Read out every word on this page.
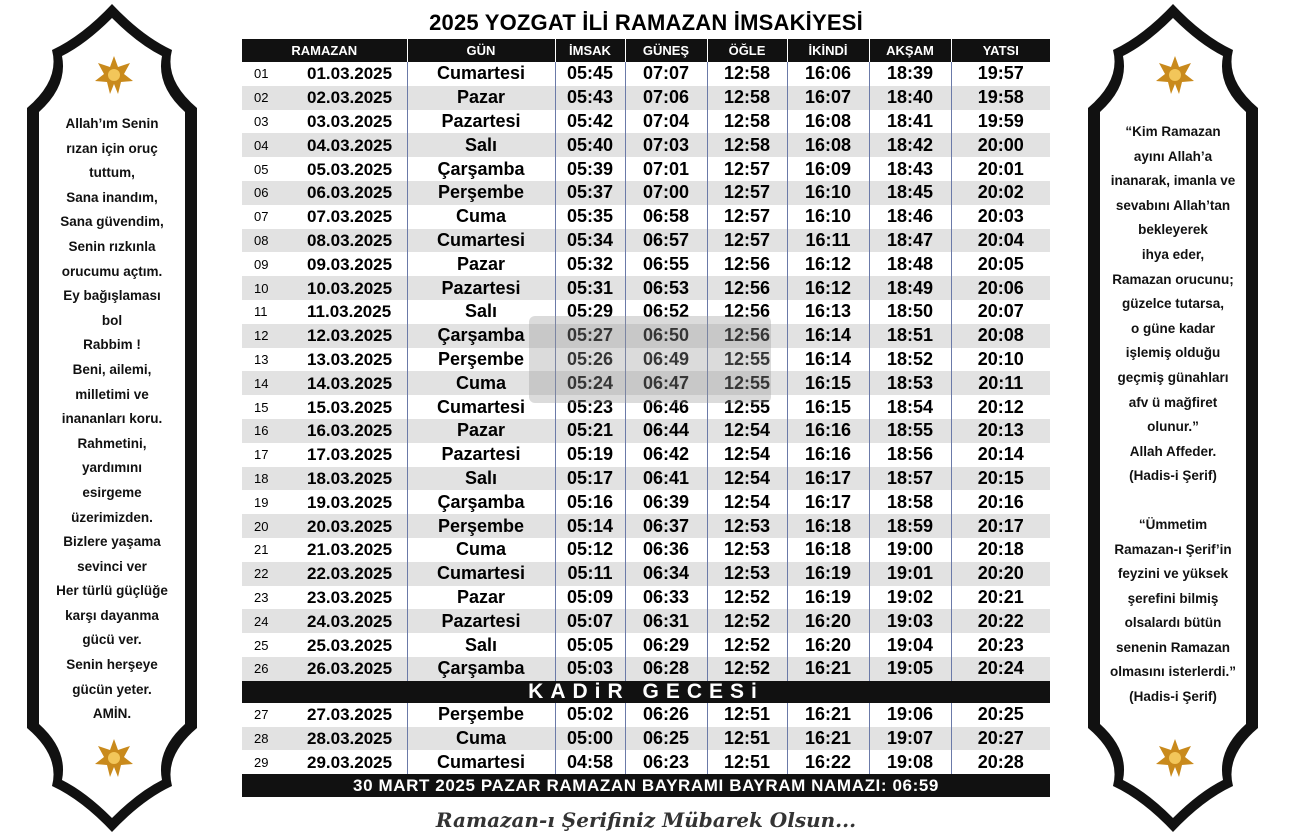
2025 YOZGAT İLİ RAMAZAN İMSAKİYESİ
RAMAZAN		GÜN	İMSAK	GÜNEŞ	ÖĞLE	İKİNDİ	AKŞAM	YATSI
01	01.03.2025	Cumartesi	05:45	07:07	12:58	16:06	18:39	19:57
02	02.03.2025	Pazar	05:43	07:06	12:58	16:07	18:40	19:58
03	03.03.2025	Pazartesi	05:42	07:04	12:58	16:08	18:41	19:59
04	04.03.2025	Salı	05:40	07:03	12:58	16:08	18:42	20:00
05	05.03.2025	Çarşamba	05:39	07:01	12:57	16:09	18:43	20:01
06	06.03.2025	Perşembe	05:37	07:00	12:57	16:10	18:45	20:02
07	07.03.2025	Cuma	05:35	06:58	12:57	16:10	18:46	20:03
08	08.03.2025	Cumartesi	05:34	06:57	12:57	16:11	18:47	20:04
09	09.03.2025	Pazar	05:32	06:55	12:56	16:12	18:48	20:05
10	10.03.2025	Pazartesi	05:31	06:53	12:56	16:12	18:49	20:06
11	11.03.2025	Salı	05:29	06:52	12:56	16:13	18:50	20:07
12	12.03.2025	Çarşamba	05:27	06:50	12:56	16:14	18:51	20:08
13	13.03.2025	Perşembe	05:26	06:49	12:55	16:14	18:52	20:10
14	14.03.2025	Cuma	05:24	06:47	12:55	16:15	18:53	20:11
15	15.03.2025	Cumartesi	05:23	06:46	12:55	16:15	18:54	20:12
16	16.03.2025	Pazar	05:21	06:44	12:54	16:16	18:55	20:13
17	17.03.2025	Pazartesi	05:19	06:42	12:54	16:16	18:56	20:14
18	18.03.2025	Salı	05:17	06:41	12:54	16:17	18:57	20:15
19	19.03.2025	Çarşamba	05:16	06:39	12:54	16:17	18:58	20:16
20	20.03.2025	Perşembe	05:14	06:37	12:53	16:18	18:59	20:17
21	21.03.2025	Cuma	05:12	06:36	12:53	16:18	19:00	20:18
22	22.03.2025	Cumartesi	05:11	06:34	12:53	16:19	19:01	20:20
23	23.03.2025	Pazar	05:09	06:33	12:52	16:19	19:02	20:21
24	24.03.2025	Pazartesi	05:07	06:31	12:52	16:20	19:03	20:22
25	25.03.2025	Salı	05:05	06:29	12:52	16:20	19:04	20:23
26	26.03.2025	Çarşamba	05:03	06:28	12:52	16:21	19:05	20:24
KADiR GECESi								
27	27.03.2025	Perşembe	05:02	06:26	12:51	16:21	19:06	20:25
28	28.03.2025	Cuma	05:00	06:25	12:51	16:21	19:07	20:27
29	29.03.2025	Cumartesi	04:58	06:23	12:51	16:22	19:08	20:28
30 MART 2025 PAZAR RAMAZAN BAYRAMI BAYRAM NAMAZI: 06:59								
Ramazan-ı Şerifiniz Mübarek Olsun...
Allah’ım Senin
rızan için oruç
tuttum,
Sana inandım,
Sana güvendim,
Senin rızkınla
orucumu açtım.
Ey bağışlaması
bol
Rabbim !
Beni, ailemi,
milletimi ve
inananları koru.
Rahmetini,
yardımını
esirgeme
üzerimizden.
Bizlere yaşama
sevinci ver
Her türlü güçlüğe
karşı dayanma
gücü ver.
Senin herşeye
gücün yeter.
AMİN.
“Kim Ramazan
ayını Allah’a
inanarak, imanla ve
sevabını Allah’tan
bekleyerek
ihya eder,
Ramazan orucunu;
güzelce tutarsa,
o güne kadar
işlemiş olduğu
geçmiş günahları
afv ü mağfiret
olunur.”
Allah Affeder.
(Hadis-i Şerif)
“Ümmetim
Ramazan-ı Şerif’in
feyzini ve yüksek
şerefini bilmiş
olsalardı bütün
senenin Ramazan
olmasını isterlerdi.”
(Hadis-i Şerif)
